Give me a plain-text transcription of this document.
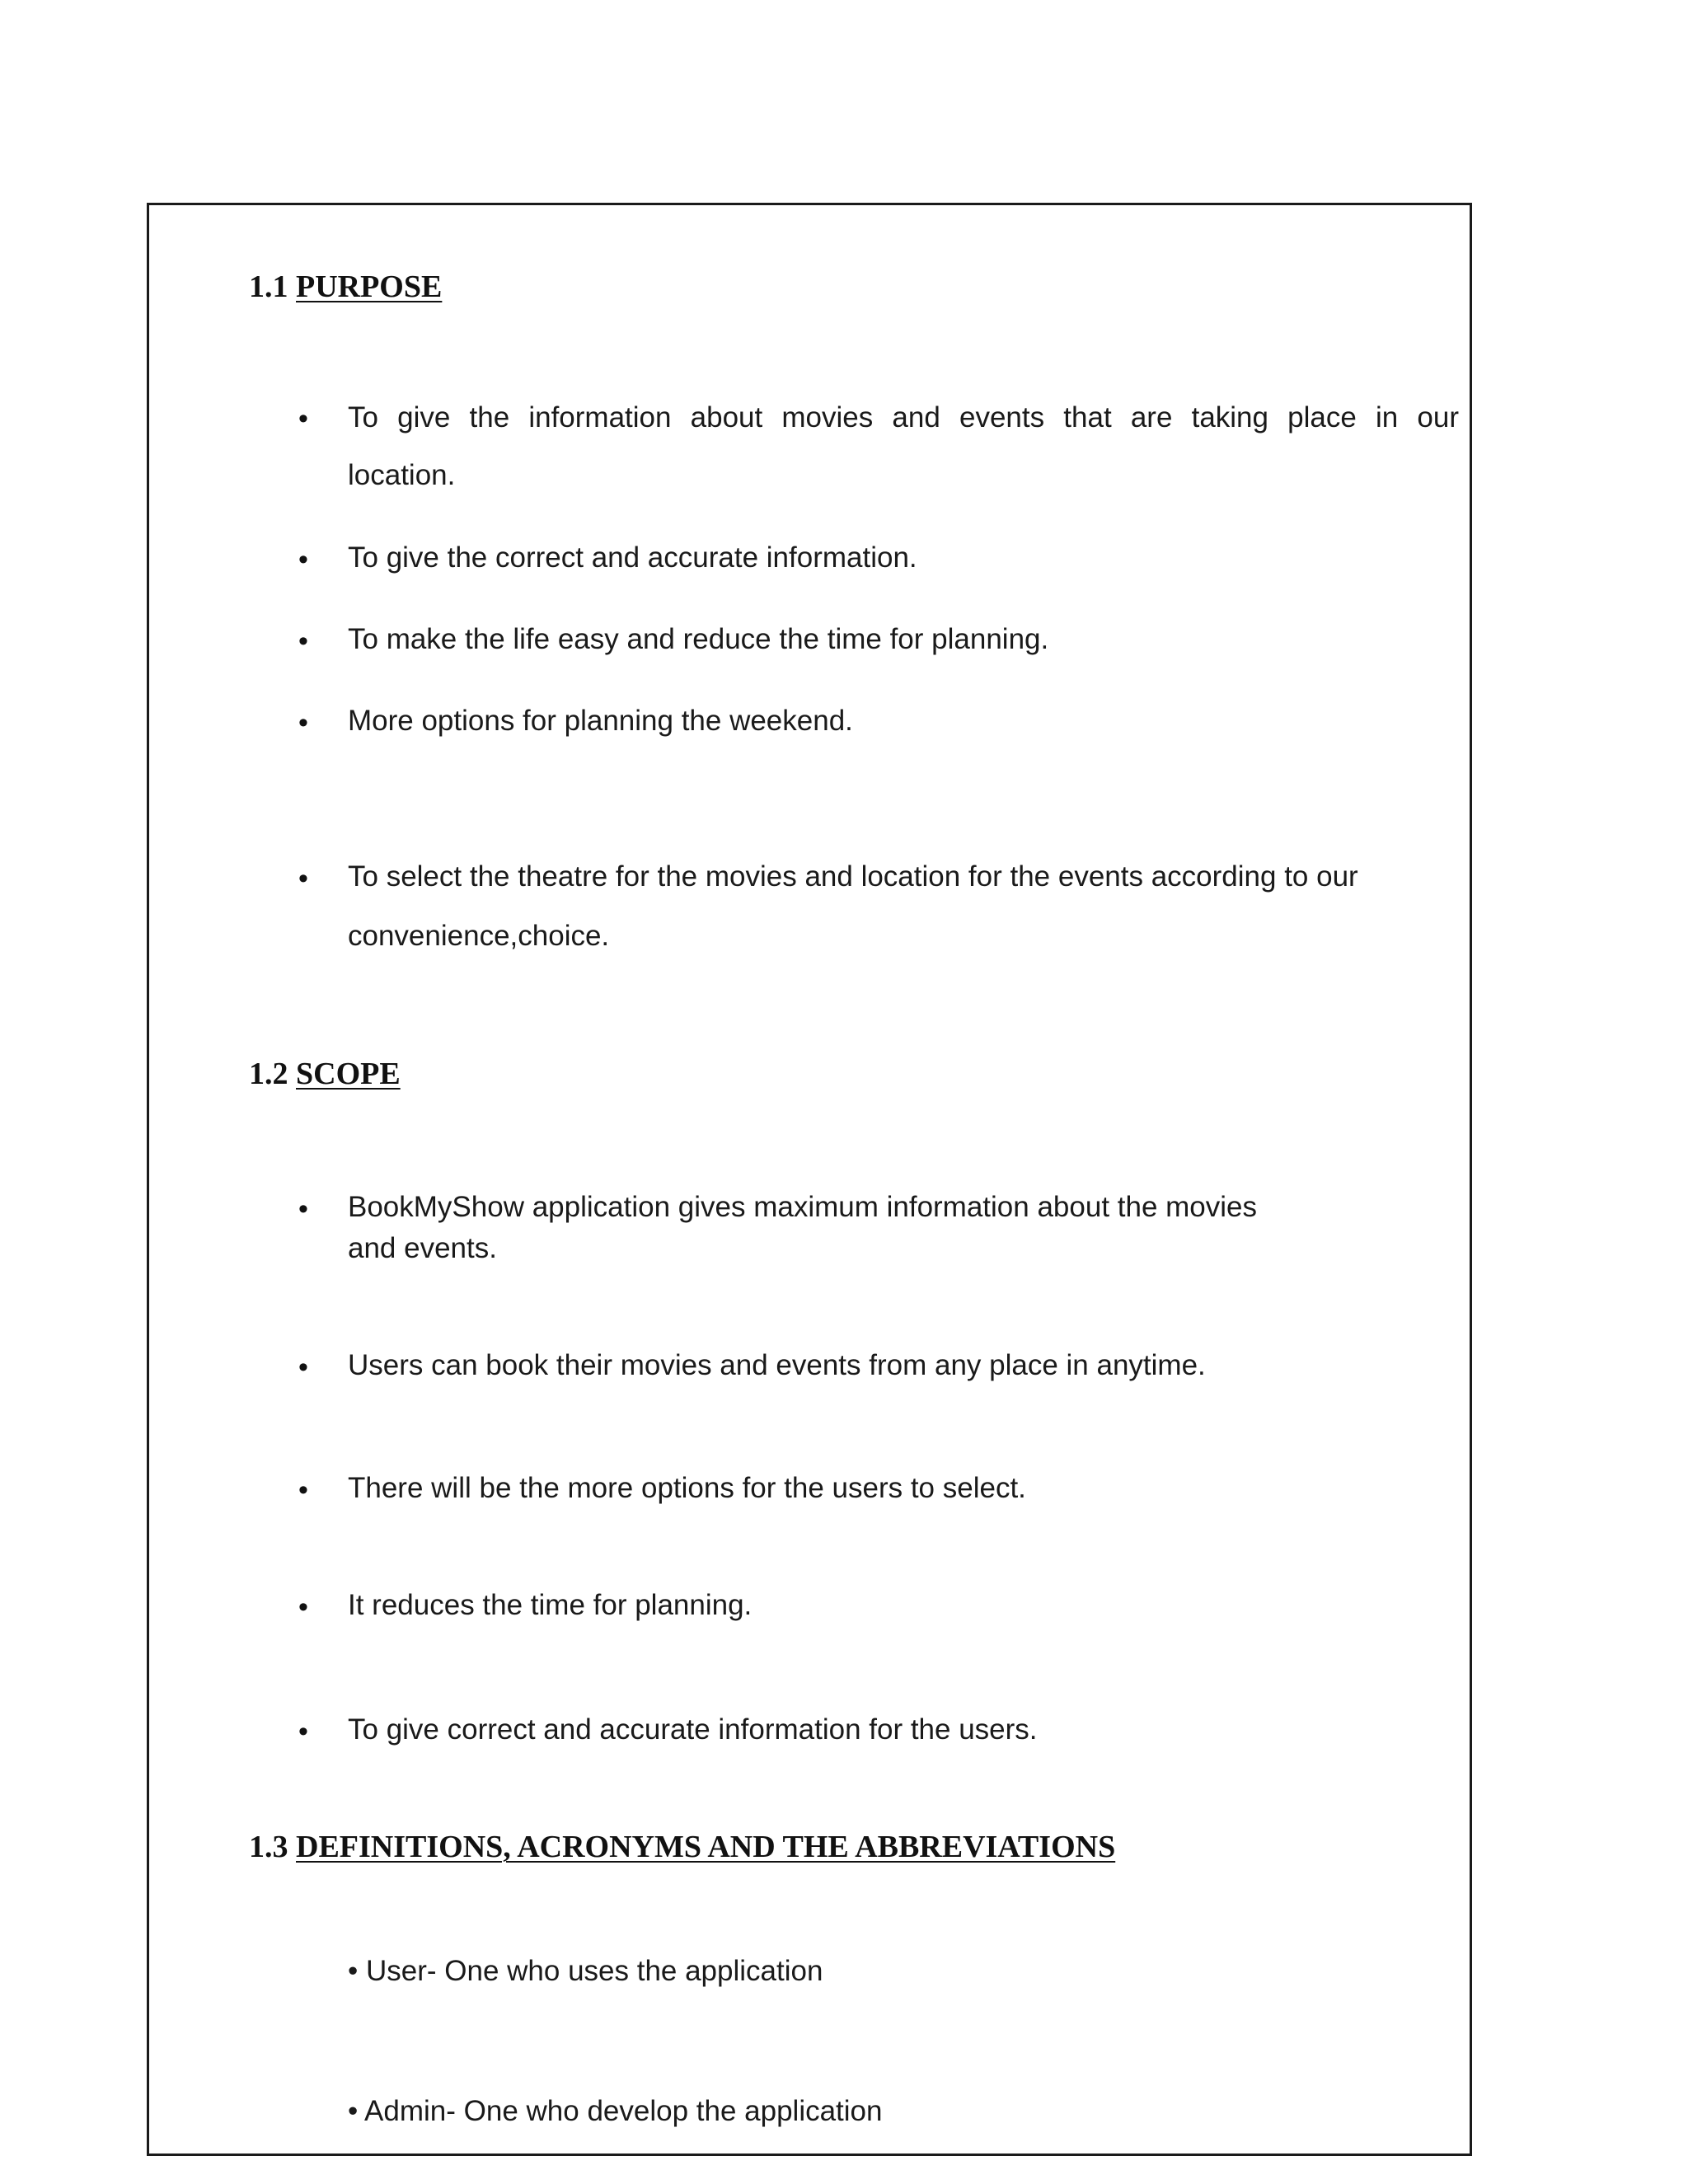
1.1 PURPOSE
• To give the information about movies and events that are taking place in our
location.
• To give the correct and accurate information.
• To make the life easy and reduce the time for planning.
• More options for planning the weekend.
• To select the theatre for the movies and location for the events according to our
convenience,choice.
1.2 SCOPE
• BookMyShow application gives maximum information about the movies
and events.
• Users can book their movies and events from any place in anytime.
• There will be the more options for the users to select.
• It reduces the time for planning.
• To give correct and accurate information for the users.
1.3 DEFINITIONS, ACRONYMS AND THE ABBREVIATIONS
• User- One who uses the application
• Admin- One who develop the application
